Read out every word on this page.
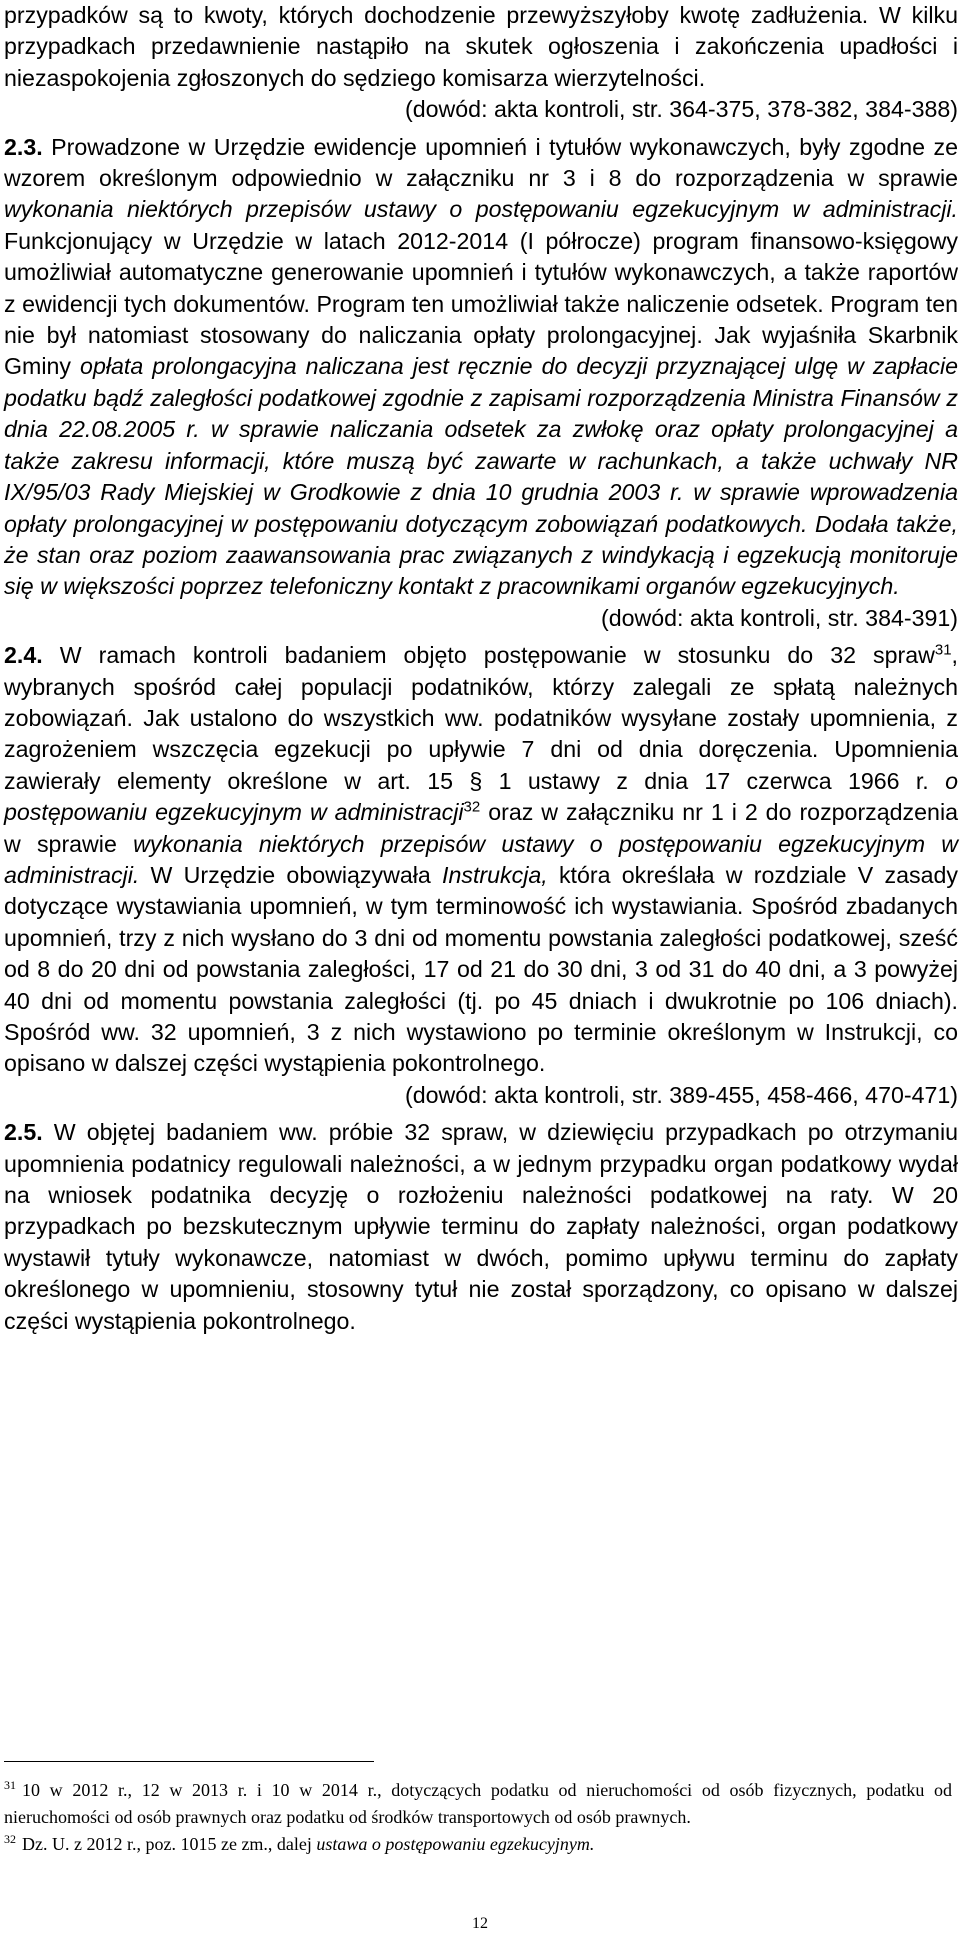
przypadków są to kwoty, których dochodzenie przewyższyłoby kwotę zadłużenia. W kilku przypadkach przedawnienie nastąpiło na skutek ogłoszenia i zakończenia upadłości i niezaspokojenia zgłoszonych do sędziego komisarza wierzytelności.

(dowód: akta kontroli, str. 364-375, 378-382, 384-388)

2.3. Prowadzone w Urzędzie ewidencje upomnień i tytułów wykonawczych, były zgodne ze wzorem określonym odpowiednio w załączniku nr 3 i 8 do rozporządzenia w sprawie wykonania niektórych przepisów ustawy o postępowaniu egzekucyjnym w administracji. Funkcjonujący w Urzędzie w latach 2012-2014 (I półrocze) program finansowo-księgowy umożliwiał automatyczne generowanie upomnień i tytułów wykonawczych, a także raportów z ewidencji tych dokumentów. Program ten umożliwiał także naliczenie odsetek. Program ten nie był natomiast stosowany do naliczania opłaty prolongacyjnej. Jak wyjaśniła Skarbnik Gminy opłata prolongacyjna naliczana jest ręcznie do decyzji przyznającej ulgę w zapłacie podatku bądź zaległości podatkowej zgodnie z zapisami rozporządzenia Ministra Finansów z dnia 22.08.2005 r. w sprawie naliczania odsetek za zwłokę oraz opłaty prolongacyjnej a także zakresu informacji, które muszą być zawarte w rachunkach, a także uchwały NR IX/95/03 Rady Miejskiej w Grodkowie z dnia 10 grudnia 2003 r. w sprawie wprowadzenia opłaty prolongacyjnej w postępowaniu dotyczącym zobowiązań podatkowych. Dodała także, że stan oraz poziom zaawansowania prac związanych z windykacją i egzekucją monitoruje się w większości poprzez telefoniczny kontakt z pracownikami organów egzekucyjnych.

(dowód: akta kontroli, str. 384-391)

2.4. W ramach kontroli badaniem objęto postępowanie w stosunku do 32 spraw$^{31}$, wybranych spośród całej populacji podatników, którzy zalegali ze spłatą należnych zobowiązań. Jak ustalono do wszystkich ww. podatników wysyłane zostały upomnienia, z zagrożeniem wszczęcia egzekucji po upływie 7 dni od dnia doręczenia. Upomnienia zawierały elementy określone w art. 15 § 1 ustawy z dnia 17 czerwca 1966 r. o postępowaniu egzekucyjnym w administracji$^{32}$ oraz w załączniku nr 1 i 2 do rozporządzenia w sprawie wykonania niektórych przepisów ustawy o postępowaniu egzekucyjnym w administracji. W Urzędzie obowiązywała Instrukcja, która określała w rozdziale V zasady dotyczące wystawiania upomnień, w tym terminowość ich wystawiania. Spośród zbadanych upomnień, trzy z nich wysłano do 3 dni od momentu powstania zaległości podatkowej, sześć od 8 do 20 dni od powstania zaległości, 17 od 21 do 30 dni, 3 od 31 do 40 dni, a 3 powyżej 40 dni od momentu powstania zaległości (tj. po 45 dniach i dwukrotnie po 106 dniach). Spośród ww. 32 upomnień, 3 z nich wystawiono po terminie określonym w Instrukcji, co opisano w dalszej części wystąpienia pokontrolnego.

(dowód: akta kontroli, str. 389-455, 458-466, 470-471)

2.5. W objętej badaniem ww. próbie 32 spraw, w dziewięciu przypadkach po otrzymaniu upomnienia podatnicy regulowali należności, a w jednym przypadku organ podatkowy wydał na wniosek podatnika decyzję o rozłożeniu należności podatkowej na raty. W 20 przypadkach po bezskutecznym upływie terminu do zapłaty należności, organ podatkowy wystawił tytuły wykonawcze, natomiast w dwóch, pomimo upływu terminu do zapłaty określonego w upomnieniu, stosowny tytuł nie został sporządzony, co opisano w dalszej części wystąpienia pokontrolnego.

$^{31}$ 10 w 2012 r., 12 w 2013 r. i 10 w 2014 r., dotyczących podatku od nieruchomości od osób fizycznych, podatku od nieruchomości od osób prawnych oraz podatku od środków transportowych od osób prawnych.

$^{32}$ Dz. U. z 2012 r., poz. 1015 ze zm., dalej ustawa o postępowaniu egzekucyjnym.

12
